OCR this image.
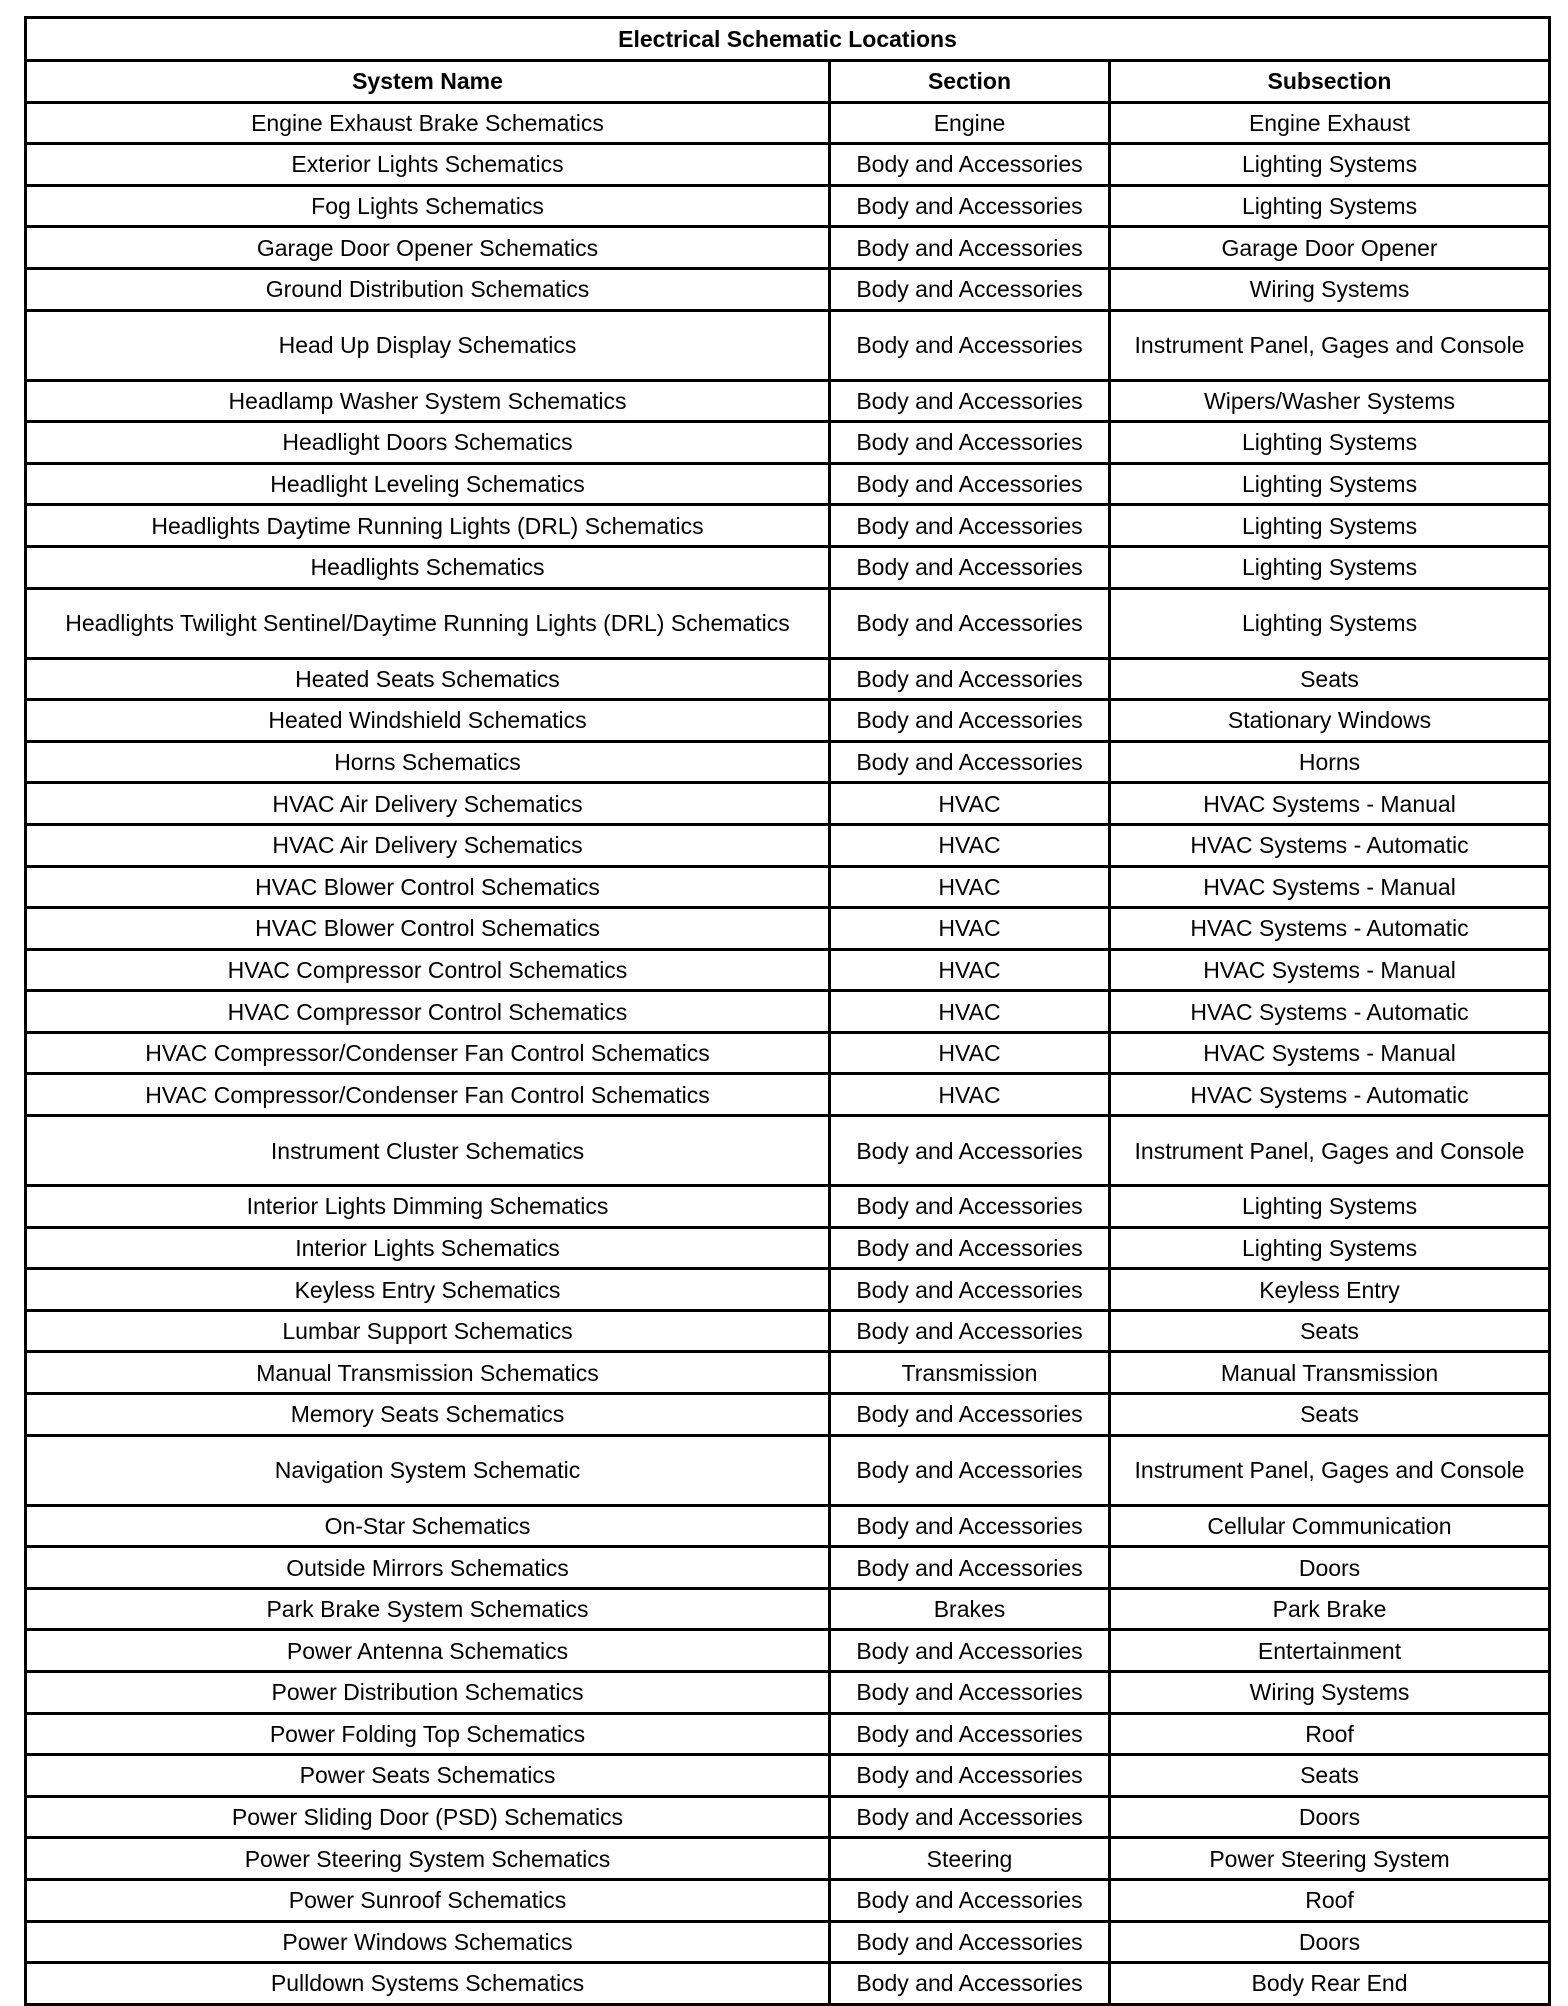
Electrical Schematic Locations		
System Name	Section	Subsection
Engine Exhaust Brake Schematics	Engine	Engine Exhaust
Exterior Lights Schematics	Body and Accessories	Lighting Systems
Fog Lights Schematics	Body and Accessories	Lighting Systems
Garage Door Opener Schematics	Body and Accessories	Garage Door Opener
Ground Distribution Schematics	Body and Accessories	Wiring Systems
Head Up Display Schematics	Body and Accessories	Instrument Panel, Gages and Console
Headlamp Washer System Schematics	Body and Accessories	Wipers/Washer Systems
Headlight Doors Schematics	Body and Accessories	Lighting Systems
Headlight Leveling Schematics	Body and Accessories	Lighting Systems
Headlights Daytime Running Lights (DRL) Schematics	Body and Accessories	Lighting Systems
Headlights Schematics	Body and Accessories	Lighting Systems
Headlights Twilight Sentinel/Daytime Running Lights (DRL) Schematics	Body and Accessories	Lighting Systems
Heated Seats Schematics	Body and Accessories	Seats
Heated Windshield Schematics	Body and Accessories	Stationary Windows
Horns Schematics	Body and Accessories	Horns
HVAC Air Delivery Schematics	HVAC	HVAC Systems - Manual
HVAC Air Delivery Schematics	HVAC	HVAC Systems - Automatic
HVAC Blower Control Schematics	HVAC	HVAC Systems - Manual
HVAC Blower Control Schematics	HVAC	HVAC Systems - Automatic
HVAC Compressor Control Schematics	HVAC	HVAC Systems - Manual
HVAC Compressor Control Schematics	HVAC	HVAC Systems - Automatic
HVAC Compressor/Condenser Fan Control Schematics	HVAC	HVAC Systems - Manual
HVAC Compressor/Condenser Fan Control Schematics	HVAC	HVAC Systems - Automatic
Instrument Cluster Schematics	Body and Accessories	Instrument Panel, Gages and Console
Interior Lights Dimming Schematics	Body and Accessories	Lighting Systems
Interior Lights Schematics	Body and Accessories	Lighting Systems
Keyless Entry Schematics	Body and Accessories	Keyless Entry
Lumbar Support Schematics	Body and Accessories	Seats
Manual Transmission Schematics	Transmission	Manual Transmission
Memory Seats Schematics	Body and Accessories	Seats
Navigation System Schematic	Body and Accessories	Instrument Panel, Gages and Console
On-Star Schematics	Body and Accessories	Cellular Communication
Outside Mirrors Schematics	Body and Accessories	Doors
Park Brake System Schematics	Brakes	Park Brake
Power Antenna Schematics	Body and Accessories	Entertainment
Power Distribution Schematics	Body and Accessories	Wiring Systems
Power Folding Top Schematics	Body and Accessories	Roof
Power Seats Schematics	Body and Accessories	Seats
Power Sliding Door (PSD) Schematics	Body and Accessories	Doors
Power Steering System Schematics	Steering	Power Steering System
Power Sunroof Schematics	Body and Accessories	Roof
Power Windows Schematics	Body and Accessories	Doors
Pulldown Systems Schematics	Body and Accessories	Body Rear End
